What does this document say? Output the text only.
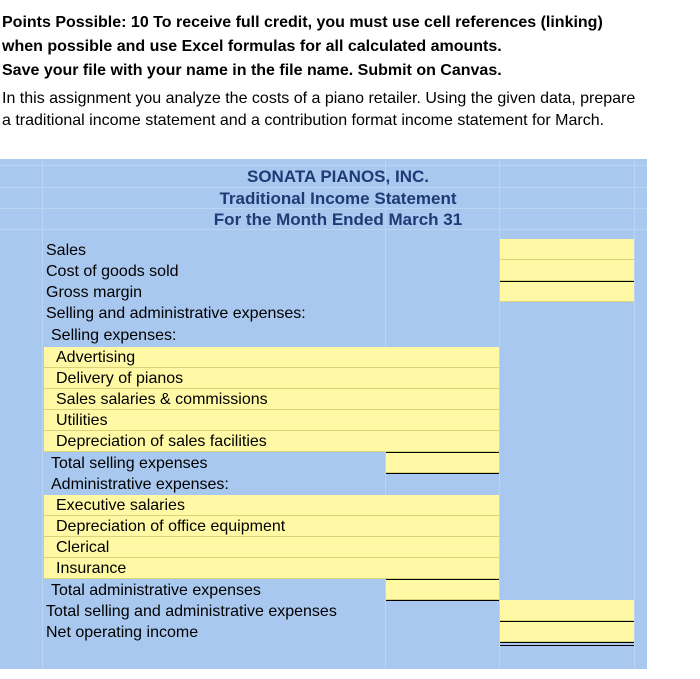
Points Possible: 10 To receive full credit, you must use cell references (linking)
when possible and use Excel formulas for all calculated amounts.
Save your file with your name in the file name. Submit on Canvas.
In this assignment you analyze the costs of a piano retailer. Using the given data, prepare
a traditional income statement and a contribution format income statement for March.
SONATA PIANOS, INC.
Traditional Income Statement
For the Month Ended March 31
Sales
Cost of goods sold
Gross margin
Selling and administrative expenses:
Selling expenses:
Advertising
Delivery of pianos
Sales salaries & commissions
Utilities
Depreciation of sales facilities
Total selling expenses
Administrative expenses:
Executive salaries
Depreciation of office equipment
Clerical
Insurance
Total administrative expenses
Total selling and administrative expenses
Net operating income
